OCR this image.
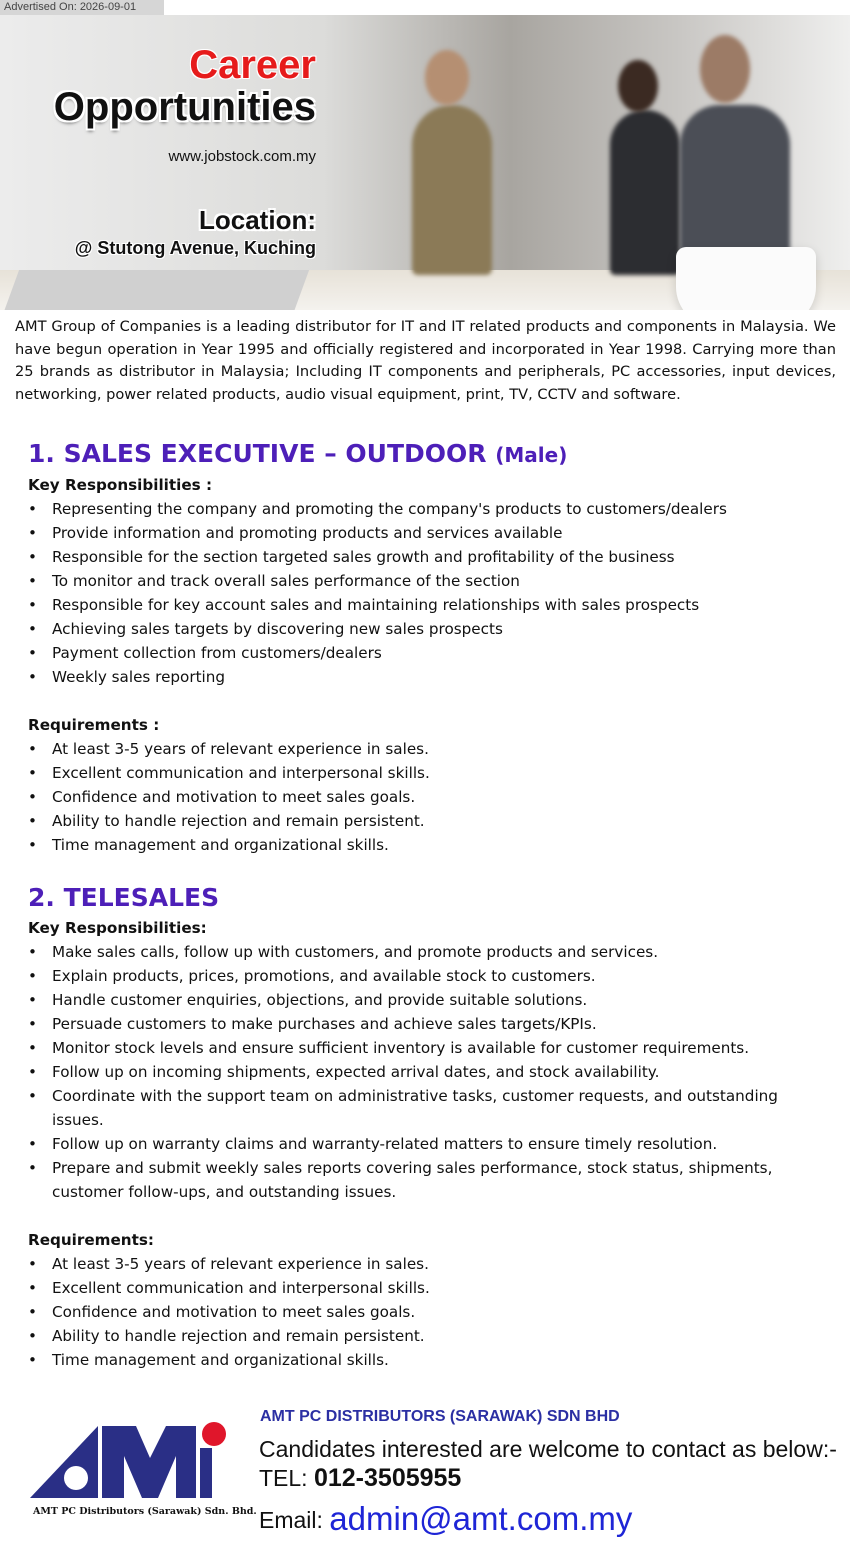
Advertised On: 2026-09-01
Career
Opportunities
www.jobstock.com.my
Location:
@ Stutong Avenue, Kuching
AMT Group of Companies is a leading distributor for IT and IT related products and components in Malaysia. We have begun operation in Year 1995 and officially registered and incorporated in Year 1998. Carrying more than 25 brands as distributor in Malaysia; Including IT components and peripherals, PC accessories, input devices, networking, power related products, audio visual equipment, print, TV, CCTV and software.
1. SALES EXECUTIVE – OUTDOOR (Male)
Key Responsibilities :
• Representing the company and promoting the company's products to customers/dealers
• Provide information and promoting products and services available
• Responsible for the section targeted sales growth and profitability of the business
• To monitor and track overall sales performance of the section
• Responsible for key account sales and maintaining relationships with sales prospects
• Achieving sales targets by discovering new sales prospects
• Payment collection from customers/dealers
• Weekly sales reporting
Requirements :
• At least 3-5 years of relevant experience in sales.
• Excellent communication and interpersonal skills.
• Confidence and motivation to meet sales goals.
• Ability to handle rejection and remain persistent.
• Time management and organizational skills.
2. TELESALES
Key Responsibilities:
• Make sales calls, follow up with customers, and promote products and services.
• Explain products, prices, promotions, and available stock to customers.
• Handle customer enquiries, objections, and provide suitable solutions.
• Persuade customers to make purchases and achieve sales targets/KPIs.
• Monitor stock levels and ensure sufficient inventory is available for customer requirements.
• Follow up on incoming shipments, expected arrival dates, and stock availability.
• Coordinate with the support team on administrative tasks, customer requests, and outstanding issues.
• Follow up on warranty claims and warranty-related matters to ensure timely resolution.
• Prepare and submit weekly sales reports covering sales performance, stock status, shipments, customer follow-ups, and outstanding issues.
Requirements:
• At least 3-5 years of relevant experience in sales.
• Excellent communication and interpersonal skills.
• Confidence and motivation to meet sales goals.
• Ability to handle rejection and remain persistent.
• Time management and organizational skills.
AMT PC Distributors (Sarawak) Sdn. Bhd.
AMT PC DISTRIBUTORS (SARAWAK) SDN BHD
Candidates interested are welcome to contact as below:-
TEL: 012-3505955
Email: admin@amt.com.my
